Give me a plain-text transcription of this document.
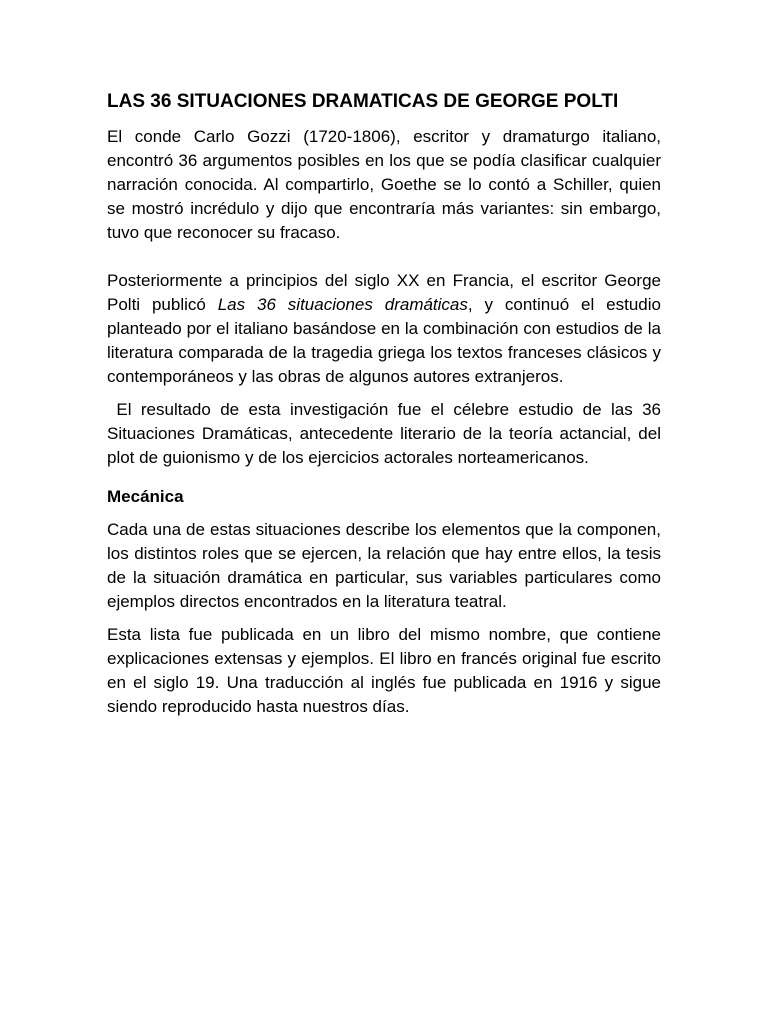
LAS 36 SITUACIONES DRAMATICAS DE GEORGE POLTI

El conde Carlo Gozzi (1720-1806), escritor y dramaturgo italiano, encontró 36 argumentos posibles en los que se podía clasificar cualquier narración conocida. Al compartirlo, Goethe se lo contó a Schiller, quien se mostró incrédulo y dijo que encontraría más variantes: sin embargo, tuvo que reconocer su fracaso.

Posteriormente a principios del siglo XX en Francia, el escritor George Polti publicó Las 36 situaciones dramáticas, y continuó el estudio planteado por el italiano basándose en la combinación con estudios de la literatura comparada de la tragedia griega los textos franceses clásicos y contemporáneos y las obras de algunos autores extranjeros.

El resultado de esta investigación fue el célebre estudio de las 36 Situaciones Dramáticas, antecedente literario de la teoría actancial, del plot de guionismo y de los ejercicios actorales norteamericanos.

Mecánica

Cada una de estas situaciones describe los elementos que la componen, los distintos roles que se ejercen, la relación que hay entre ellos, la tesis de la situación dramática en particular, sus variables particulares como ejemplos directos encontrados en la literatura teatral.

Esta lista fue publicada en un libro del mismo nombre, que contiene explicaciones extensas y ejemplos. El libro en francés original fue escrito en el siglo 19. Una traducción al inglés fue publicada en 1916 y sigue siendo reproducido hasta nuestros días.
